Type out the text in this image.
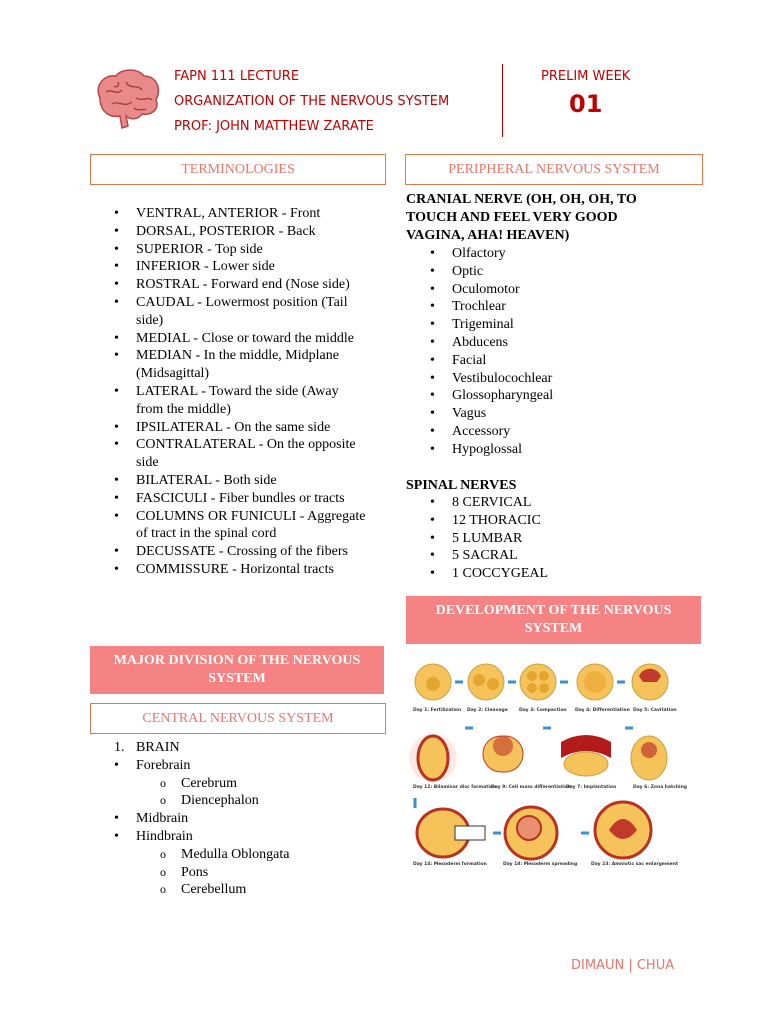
FAPN 111 LECTURE
ORGANIZATION OF THE NERVOUS SYSTEM
PROF: JOHN MATTHEW ZARATE
PRELIM WEEK
01
TERMINOLOGIES
• VENTRAL, ANTERIOR - Front
• DORSAL, POSTERIOR - Back
• SUPERIOR - Top side
• INFERIOR - Lower side
• ROSTRAL - Forward end (Nose side)
• CAUDAL - Lowermost position (Tail side)
• MEDIAL - Close or toward the middle
• MEDIAN - In the middle, Midplane (Midsagittal)
• LATERAL - Toward the side (Away from the middle)
• IPSILATERAL - On the same side
• CONTRALATERAL - On the opposite side
• BILATERAL - Both side
• FASCICULI - Fiber bundles or tracts
• COLUMNS OR FUNICULI - Aggregate of tract in the spinal cord
• DECUSSATE - Crossing of the fibers
• COMMISSURE - Horizontal tracts
MAJOR DIVISION OF THE NERVOUS SYSTEM
CENTRAL NERVOUS SYSTEM
1. BRAIN
• Forebrain
o Cerebrum
o Diencephalon
• Midbrain
• Hindbrain
o Medulla Oblongata
o Pons
o Cerebellum
PERIPHERAL NERVOUS SYSTEM
CRANIAL NERVE (OH, OH, OH, TO TOUCH AND FEEL VERY GOOD VAGINA, AHA! HEAVEN)
• Olfactory
• Optic
• Oculomotor
• Trochlear
• Trigeminal
• Abducens
• Facial
• Vestibulocochlear
• Glossopharyngeal
• Vagus
• Accessory
• Hypoglossal
SPINAL NERVES
• 8 CERVICAL
• 12 THORACIC
• 5 LUMBAR
• 5 SACRAL
• 1 COCCYGEAL
DEVELOPMENT OF THE NERVOUS SYSTEM
Day 1: Fertilization Day 2: Cleavage Day 3: Compaction Day 4: Differentiation Day 5: Cavitation
Day 12: Bilaminar disc formation
Day 9: Cell mass differentiation
Day 7: Implantation	Day 6: Zona hatching
Day 14: Mesoderm formation	Day 18: Mesoderm spreading	Day 23: Amniotic sac enlargement
DIMAUN | CHUA
